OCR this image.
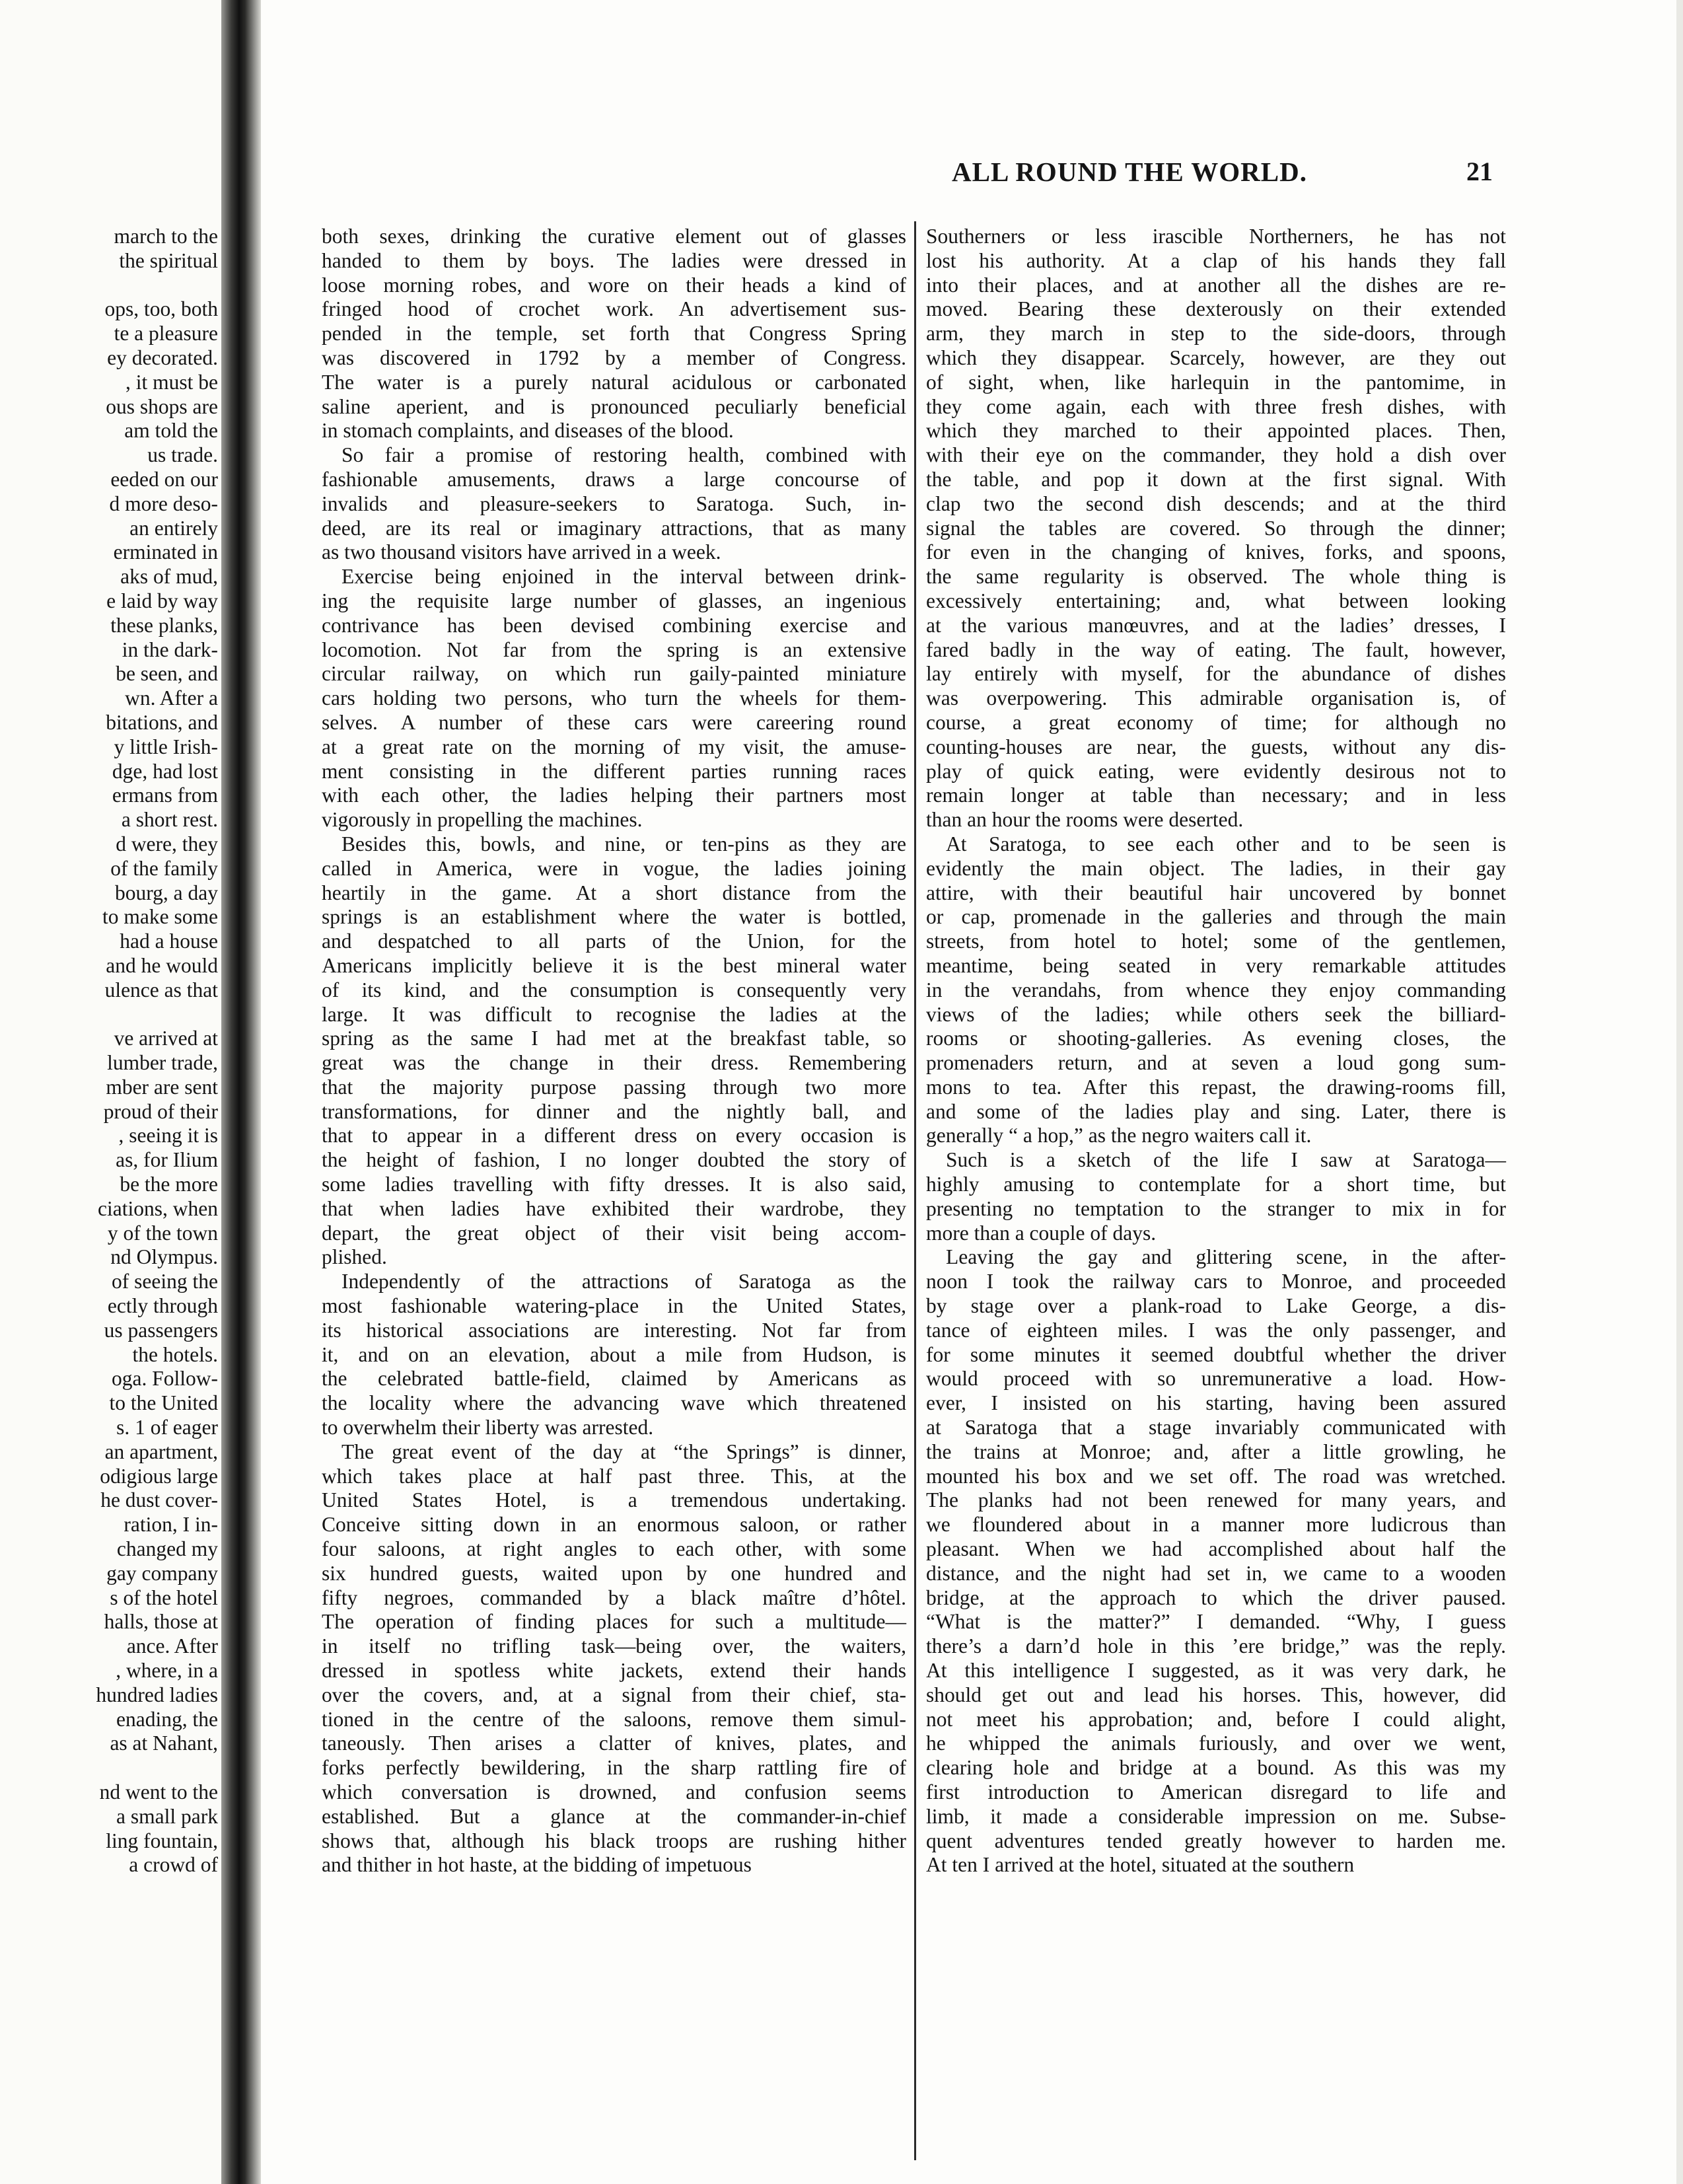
march to the
the spiritual
ops, too, both
te a pleasure
ey decorated.
, it must be
ous shops are
am told the
us trade.
eeded on our
d more deso-
an entirely
erminated in
aks of mud,
e laid by way
these planks,
in the dark-
be seen, and
wn. After a
bitations, and
y little Irish-
dge, had lost
ermans from
a short rest.
d were, they
of the family
bourg, a day
to make some
had a house
and he would
ulence as that
ve arrived at
lumber trade,
mber are sent
proud of their
, seeing it is
as, for Ilium
be the more
ciations, when
y of the town
nd Olympus.
of seeing the
ectly through
us passengers
the hotels.
oga. Follow-
to the United
s. 1 of eager
an apartment,
odigious large
he dust cover-
ration, I in-
changed my
gay company
s of the hotel
halls, those at
ance. After
, where, in a
hundred ladies
enading, the
as at Nahant,
nd went to the
a small park
ling fountain,
a crowd of
ALL ROUND THE WORLD.	21

both sexes, drinking the curative element out of glasses
handed to them by boys. The ladies were dressed in
loose morning robes, and wore on their heads a kind of
fringed hood of crochet work. An advertisement sus-
pended in the temple, set forth that Congress Spring
was discovered in 1792 by a member of Congress.
The water is a purely natural acidulous or carbonated
saline aperient, and is pronounced peculiarly beneficial
in stomach complaints, and diseases of the blood.

So fair a promise of restoring health, combined with
fashionable amusements, draws a large concourse of
invalids and pleasure-seekers to Saratoga. Such, in-
deed, are its real or imaginary attractions, that as many
as two thousand visitors have arrived in a week.

Exercise being enjoined in the interval between drink-
ing the requisite large number of glasses, an ingenious
contrivance has been devised combining exercise and
locomotion. Not far from the spring is an extensive
circular railway, on which run gaily-painted miniature
cars holding two persons, who turn the wheels for them-
selves. A number of these cars were careering round
at a great rate on the morning of my visit, the amuse-
ment consisting in the different parties running races
with each other, the ladies helping their partners most
vigorously in propelling the machines.

Besides this, bowls, and nine, or ten-pins as they are
called in America, were in vogue, the ladies joining
heartily in the game. At a short distance from the
springs is an establishment where the water is bottled,
and despatched to all parts of the Union, for the
Americans implicitly believe it is the best mineral water
of its kind, and the consumption is consequently very
large. It was difficult to recognise the ladies at the
spring as the same I had met at the breakfast table, so
great was the change in their dress. Remembering
that the majority purpose passing through two more
transformations, for dinner and the nightly ball, and
that to appear in a different dress on every occasion is
the height of fashion, I no longer doubted the story of
some ladies travelling with fifty dresses. It is also said,
that when ladies have exhibited their wardrobe, they
depart, the great object of their visit being accom-
plished.

Independently of the attractions of Saratoga as the
most fashionable watering-place in the United States,
its historical associations are interesting. Not far from
it, and on an elevation, about a mile from Hudson, is
the celebrated battle-field, claimed by Americans as
the locality where the advancing wave which threatened
to overwhelm their liberty was arrested.

The great event of the day at “the Springs” is dinner,
which takes place at half past three. This, at the
United States Hotel, is a tremendous undertaking.
Conceive sitting down in an enormous saloon, or rather
four saloons, at right angles to each other, with some
six hundred guests, waited upon by one hundred and
fifty negroes, commanded by a black maître d’hôtel.
The operation of finding places for such a multitude—
in itself no trifling task—being over, the waiters,
dressed in spotless white jackets, extend their hands
over the covers, and, at a signal from their chief, sta-
tioned in the centre of the saloons, remove them simul-
taneously. Then arises a clatter of knives, plates, and
forks perfectly bewildering, in the sharp rattling fire of
which conversation is drowned, and confusion seems
established. But a glance at the commander-in-chief
shows that, although his black troops are rushing hither
and thither in hot haste, at the bidding of impetuous

Southerners or less irascible Northerners, he has not
lost his authority. At a clap of his hands they fall
into their places, and at another all the dishes are re-
moved. Bearing these dexterously on their extended
arm, they march in step to the side-doors, through
which they disappear. Scarcely, however, are they out
of sight, when, like harlequin in the pantomime, in
they come again, each with three fresh dishes, with
which they marched to their appointed places. Then,
with their eye on the commander, they hold a dish over
the table, and pop it down at the first signal. With
clap two the second dish descends; and at the third
signal the tables are covered. So through the dinner;
for even in the changing of knives, forks, and spoons,
the same regularity is observed. The whole thing is
excessively entertaining; and, what between looking
at the various manœuvres, and at the ladies’ dresses, I
fared badly in the way of eating. The fault, however,
lay entirely with myself, for the abundance of dishes
was overpowering. This admirable organisation is, of
course, a great economy of time; for although no
counting-houses are near, the guests, without any dis-
play of quick eating, were evidently desirous not to
remain longer at table than necessary; and in less
than an hour the rooms were deserted.

At Saratoga, to see each other and to be seen is
evidently the main object. The ladies, in their gay
attire, with their beautiful hair uncovered by bonnet
or cap, promenade in the galleries and through the main
streets, from hotel to hotel; some of the gentlemen,
meantime, being seated in very remarkable attitudes
in the verandahs, from whence they enjoy commanding
views of the ladies; while others seek the billiard-
rooms or shooting-galleries. As evening closes, the
promenaders return, and at seven a loud gong sum-
mons to tea. After this repast, the drawing-rooms fill,
and some of the ladies play and sing. Later, there is
generally “ a hop,” as the negro waiters call it.

Such is a sketch of the life I saw at Saratoga—
highly amusing to contemplate for a short time, but
presenting no temptation to the stranger to mix in for
more than a couple of days.

Leaving the gay and glittering scene, in the after-
noon I took the railway cars to Monroe, and proceeded
by stage over a plank-road to Lake George, a dis-
tance of eighteen miles. I was the only passenger, and
for some minutes it seemed doubtful whether the driver
would proceed with so unremunerative a load. How-
ever, I insisted on his starting, having been assured
at Saratoga that a stage invariably communicated with
the trains at Monroe; and, after a little growling, he
mounted his box and we set off. The road was wretched.
The planks had not been renewed for many years, and
we floundered about in a manner more ludicrous than
pleasant. When we had accomplished about half the
distance, and the night had set in, we came to a wooden
bridge, at the approach to which the driver paused.
“What is the matter?” I demanded. “Why, I guess
there’s a darn’d hole in this ’ere bridge,” was the reply.
At this intelligence I suggested, as it was very dark, he
should get out and lead his horses. This, however, did
not meet his approbation; and, before I could alight,
he whipped the animals furiously, and over we went,
clearing hole and bridge at a bound. As this was my
first introduction to American disregard to life and
limb, it made a considerable impression on me. Subse-
quent adventures tended greatly however to harden me.
At ten I arrived at the hotel, situated at the southern
